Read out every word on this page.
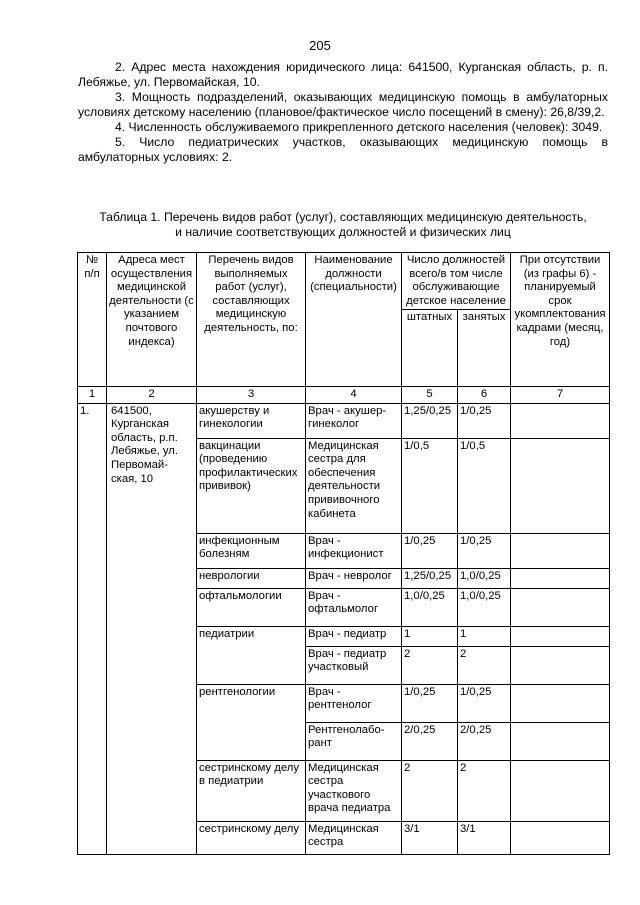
205

2. Адрес места нахождения юридического лица: 641500, Курганская область, р. п. Лебяжье, ул. Первомайская, 10.

3. Мощность подразделений, оказывающих медицинскую помощь в амбулаторных условиях детскому населению (плановое/фактическое число посещений в смену): 26,8/39,2.

4. Численность обслуживаемого прикрепленного детского населения (человек): 3049.

5. Число педиатрических участков, оказывающих медицинскую помощь в амбулаторных условиях: 2.

Таблица 1. Перечень видов работ (услуг), составляющих медицинскую деятельность,
и наличие соответствующих должностей и физических лиц
№ п/п	Адреса мест осуществления медицинской деятельности (с указанием почтового индекса)	Перечень видов выполняемых работ (услуг), составляющих медицинскую деятельность, по:	Наименование должности (специальности)	Число должностей всего/в том числе обслуживающие детское население		При отсутствии (из графы 6) - планируемый срок укомплектования кадрами (месяц, год)
				штатных	занятых	
1	2	3	4	5	6	7
1.	641500, Курганская область, р.п. Лебяжье, ул. Первомай-ская, 10	акушерству и гинекологии	Врач - акушер-гинеколог	1,25/0,25	1/0,25	
		вакцинации (проведению профилактических прививок)	Медицинская сестра для обеспечения деятельности прививочного кабинета	1/0,5	1/0,5	
		инфекционным болезням	Врач - инфекционист	1/0,25	1/0,25	
		неврологии	Врач - невролог	1,25/0,25	1,0/0,25	
		офтальмологии	Врач - офтальмолог	1,0/0,25	1,0/0,25	
		педиатрии	Врач - педиатр	1	1	
			Врач - педиатр участковый	2	2	
		рентгенологии	Врач - рентгенолог	1/0,25	1/0,25	
			Рентгенолабо-рант	2/0,25	2/0,25	
		сестринскому делу в педиатрии	Медицинская сестра участкового врача педиатра	2	2	
		сестринскому делу	Медицинская сестра	3/1	3/1	
